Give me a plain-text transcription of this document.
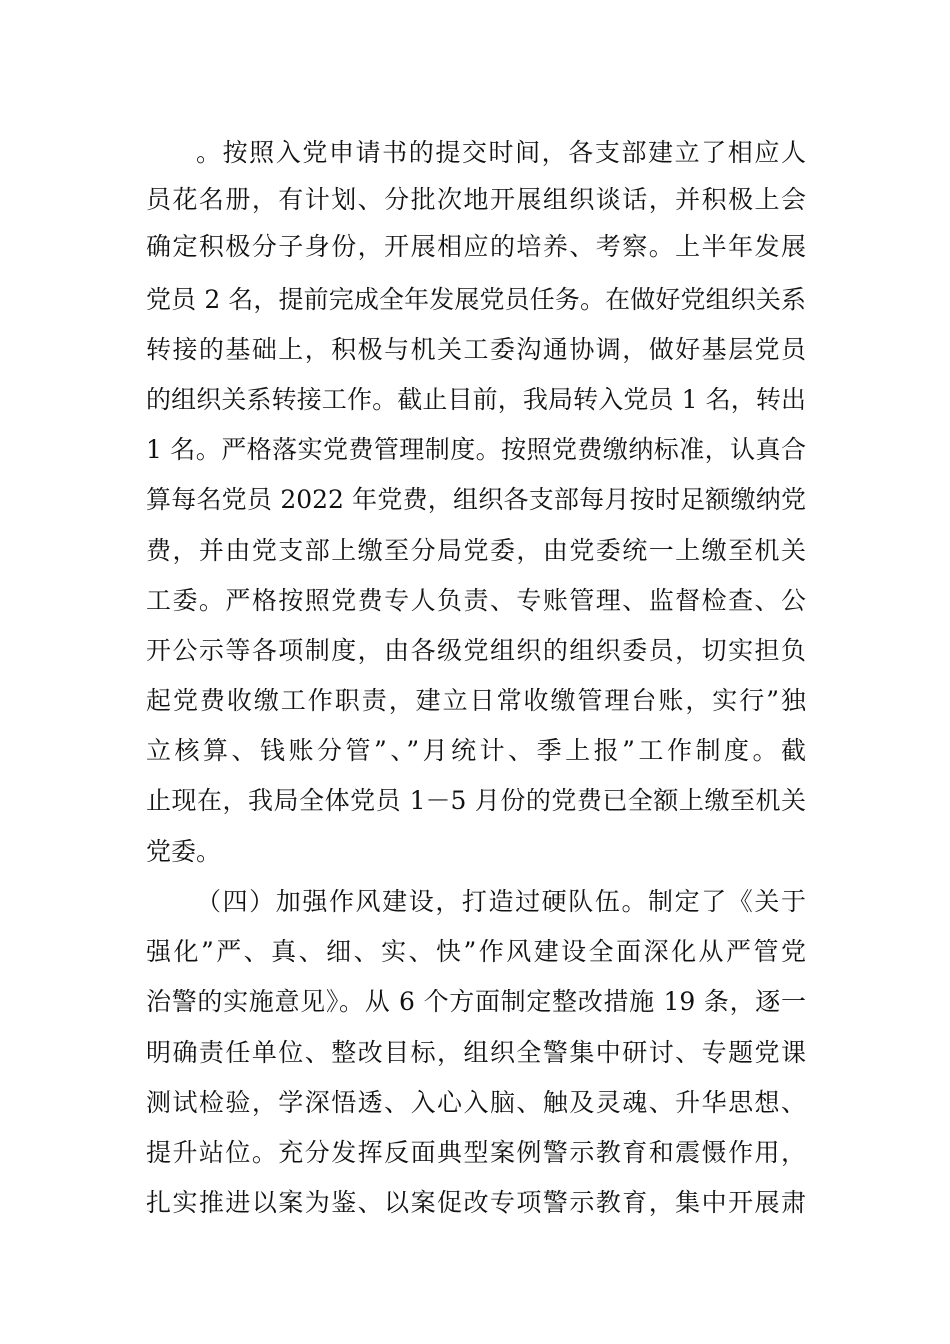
。按照入党申请书的提交时间，各支部建立了相应人
员花名册，有计划、分批次地开展组织谈话，并积极上会
确定积极分子身份，开展相应的培养、考察。上半年发展
党员 2 名，提前完成全年发展党员任务。在做好党组织关系
转接的基础上，积极与机关工委沟通协调，做好基层党员
的组织关系转接工作。截止目前，我局转入党员 1 名，转出
1 名。严格落实党费管理制度。按照党费缴纳标准，认真合
算每名党员 2022 年党费，组织各支部每月按时足额缴纳党
费，并由党支部上缴至分局党委，由党委统一上缴至机关
工委。严格按照党费专人负责、专账管理、监督检查、公
开公示等各项制度，由各级党组织的组织委员，切实担负
起党费收缴工作职责，建立日常收缴管理台账，实行”独
立核算、钱账分管”、”月统计、季上报”工作制度。截
止现在，我局全体党员 1－5 月份的党费已全额上缴至机关
党委。
（四）加强作风建设，打造过硬队伍。制定了《关于
强化”严、真、细、实、快”作风建设全面深化从严管党
治警的实施意见》。从 6 个方面制定整改措施 19 条，逐一
明确责任单位、整改目标，组织全警集中研讨、专题党课
测试检验，学深悟透、入心入脑、触及灵魂、升华思想、
提升站位。充分发挥反面典型案例警示教育和震慑作用，
扎实推进以案为鉴、以案促改专项警示教育，集中开展肃
